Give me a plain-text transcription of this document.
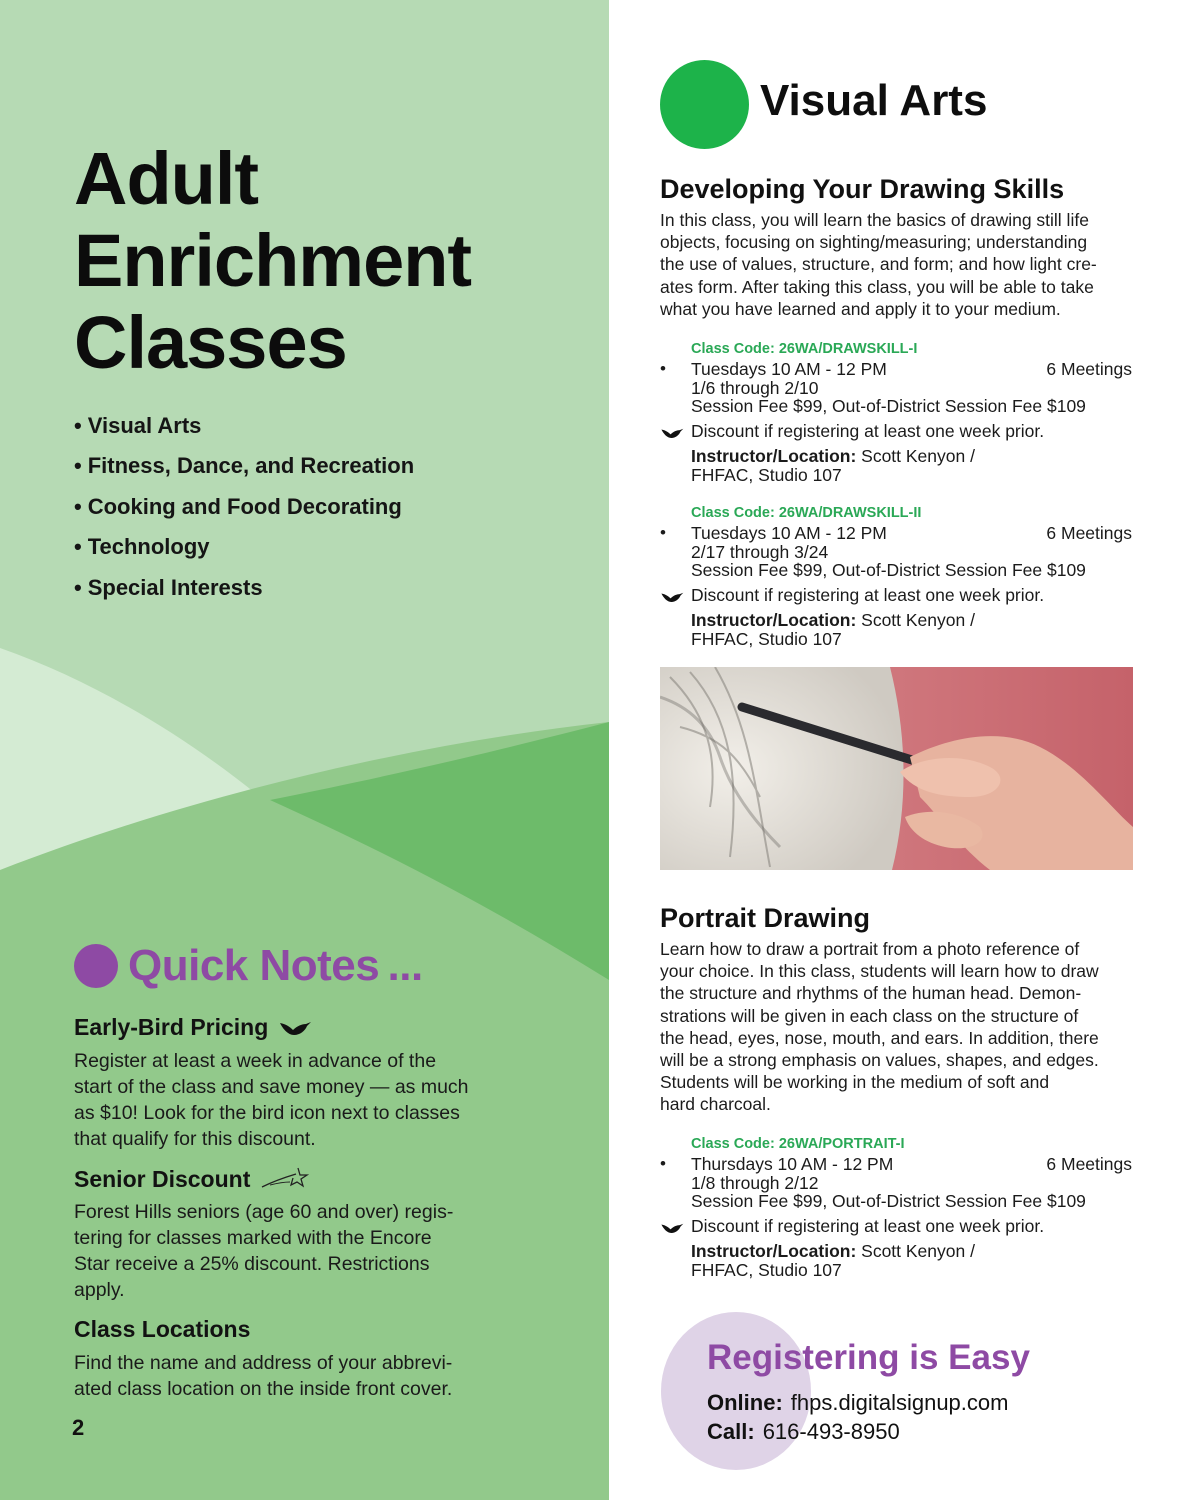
Adult
Enrichment
Classes
• Visual Arts
• Fitness, Dance, and Recreation
• Cooking and Food Decorating
• Technology
• Special Interests
Quick Notes ...
Early-Bird Pricing
Register at least a week in advance of the
start of the class and save money — as much
as $10! Look for the bird icon next to classes
that qualify for this discount.
Senior Discount
Forest Hills seniors (age 60 and over) regis-
tering for classes marked with the Encore
Star receive a 25% discount. Restrictions
apply.
Class Locations
Find the name and address of your abbrevi-
ated class location on the inside front cover.
2
Visual Arts
Developing Your Drawing Skills
In this class, you will learn the basics of drawing still life
objects, focusing on sighting/measuring; understanding
the use of values, structure, and form; and how light cre-
ates form. After taking this class, you will be able to take
what you have learned and apply it to your medium.
Class Code: 26WA/DRAWSKILL-I
• Tuesdays 10 AM - 12 PM	6 Meetings
1/6 through 2/10
Session Fee $99, Out-of-District Session Fee $109
Discount if registering at least one week prior.
Instructor/Location: Scott Kenyon /
FHFAC, Studio 107
Class Code: 26WA/DRAWSKILL-II
• Tuesdays 10 AM - 12 PM	6 Meetings
2/17 through 3/24
Session Fee $99, Out-of-District Session Fee $109
Discount if registering at least one week prior.
Instructor/Location: Scott Kenyon /
FHFAC, Studio 107
Portrait Drawing
Learn how to draw a portrait from a photo reference of
your choice. In this class, students will learn how to draw
the structure and rhythms of the human head. Demon-
strations will be given in each class on the structure of
the head, eyes, nose, mouth, and ears. In addition, there
will be a strong emphasis on values, shapes, and edges.
Students will be working in the medium of soft and
hard charcoal.
Class Code: 26WA/PORTRAIT-I
• Thursdays 10 AM - 12 PM	6 Meetings
1/8 through 2/12
Session Fee $99, Out-of-District Session Fee $109
Discount if registering at least one week prior.
Instructor/Location: Scott Kenyon /
FHFAC, Studio 107
Registering is Easy
Online: fhps.digitalsignup.com
Call: 616-493-8950
